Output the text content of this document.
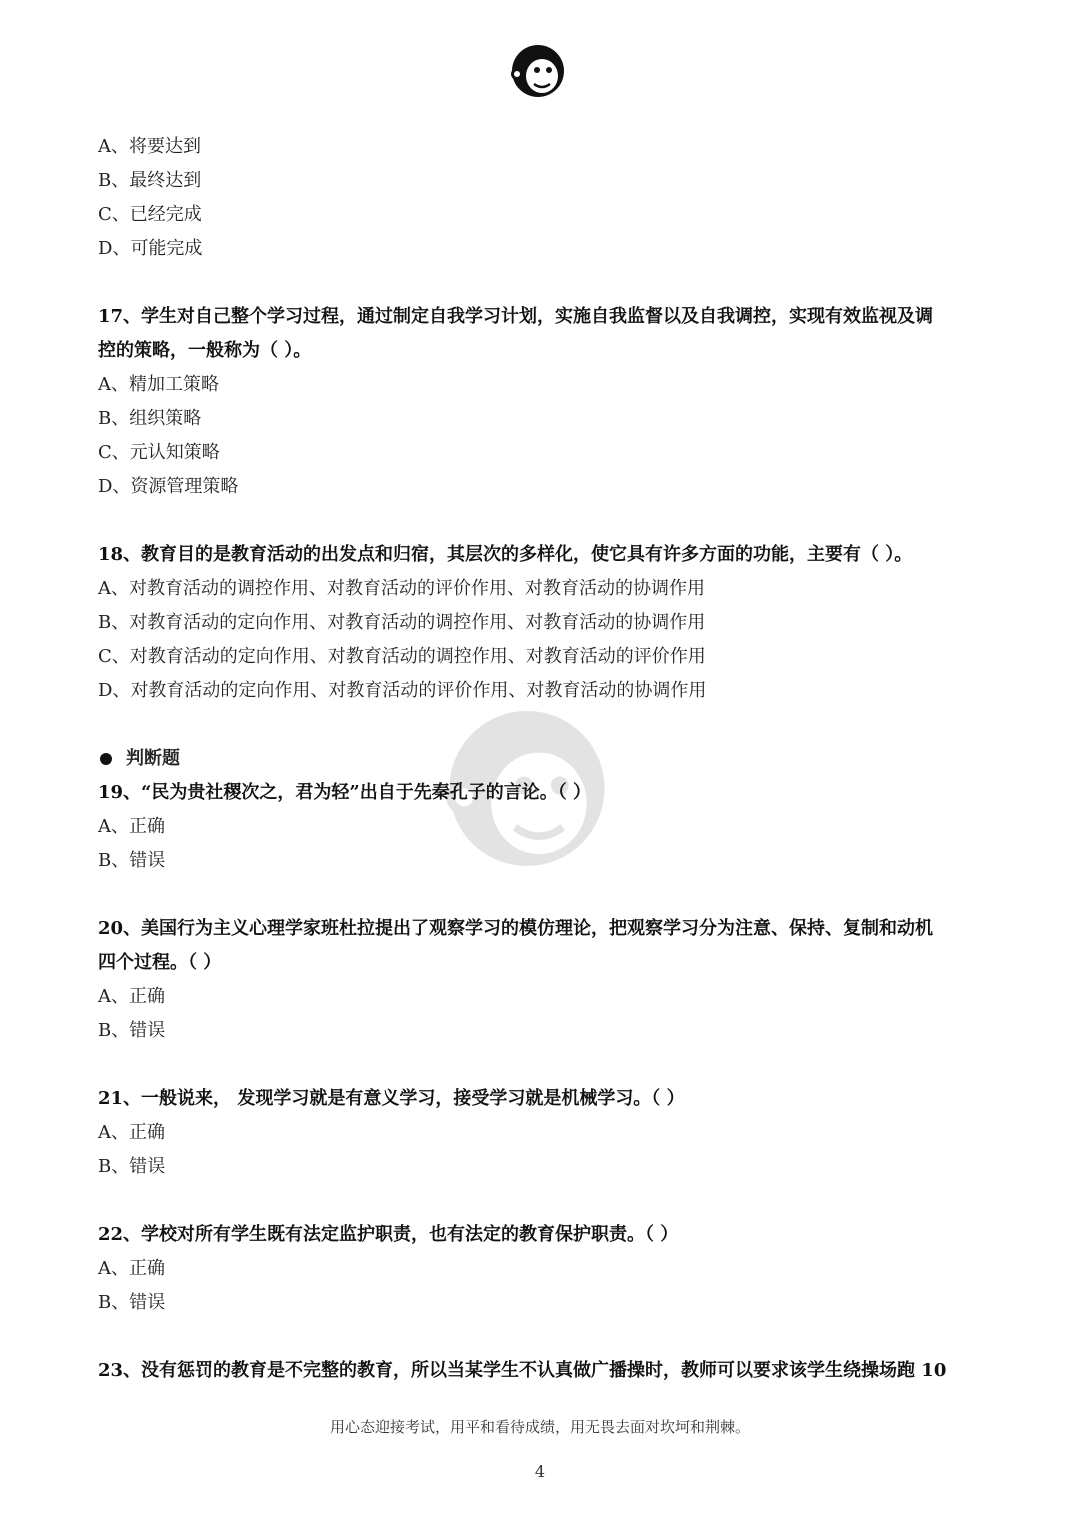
A、将要达到
B、最终达到
C、已经完成
D、可能完成
17、学生对自己整个学习过程，通过制定自我学习计划，实施自我监督以及自我调控，实现有效监视及调
控的策略，一般称为（ ）。
A、精加工策略
B、组织策略
C、元认知策略
D、资源管理策略
18、教育目的是教育活动的出发点和归宿，其层次的多样化，使它具有许多方面的功能，主要有（ ）。
A、对教育活动的调控作用、对教育活动的评价作用、对教育活动的协调作用
B、对教育活动的定向作用、对教育活动的调控作用、对教育活动的协调作用
C、对教育活动的定向作用、对教育活动的调控作用、对教育活动的评价作用
D、对教育活动的定向作用、对教育活动的评价作用、对教育活动的协调作用
判断题
19、“民为贵社稷次之，君为轻”出自于先秦孔子的言论。（ ）
A、正确
B、错误
20、美国行为主义心理学家班杜拉提出了观察学习的模仿理论，把观察学习分为注意、保持、复制和动机
四个过程。（ ）
A、正确
B、错误
21、一般说来， 发现学习就是有意义学习，接受学习就是机械学习。（ ）
A、正确
B、错误
22、学校对所有学生既有法定监护职责，也有法定的教育保护职责。（ ）
A、正确
B、错误
23、没有惩罚的教育是不完整的教育，所以当某学生不认真做广播操时，教师可以要求该学生绕操场跑 10
用心态迎接考试，用平和看待成绩，用无畏去面对坎坷和荆棘。
4
